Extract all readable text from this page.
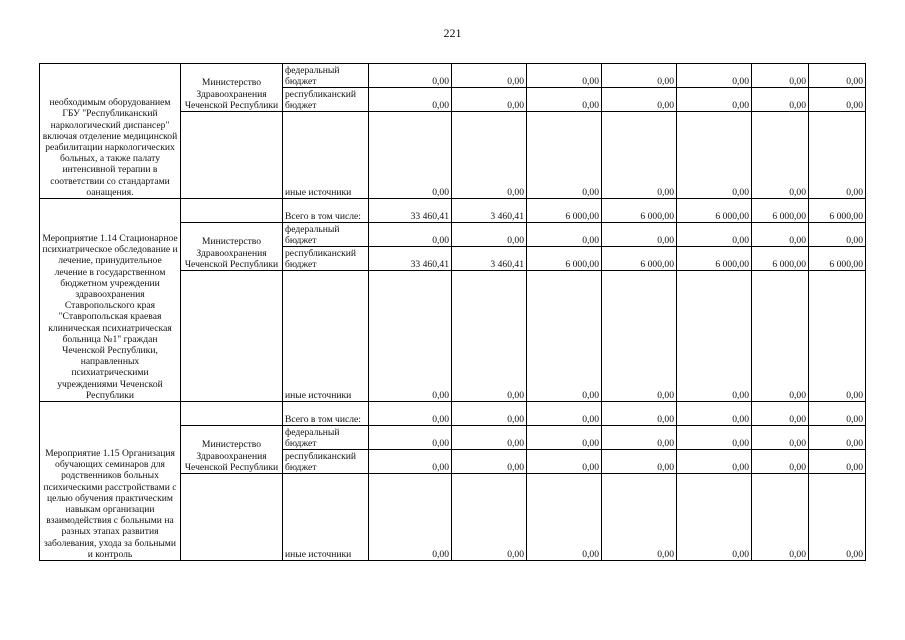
221
необходимым оборудованием ГБУ "Республиканский наркологический диспансер" включая отделение медицинской реабилитации наркологических больных, а также палату интенсивной терапии в соответствии со стандартами оанащения.	Министерство Здравоохранения Чеченской Республики	федеральный бюджет	0,00	0,00	0,00	0,00	0,00	0,00	0,00
		республиканский бюджет	0,00	0,00	0,00	0,00	0,00	0,00	0,00
		иные источники	0,00	0,00	0,00	0,00	0,00	0,00	0,00
Мероприятие 1.14 Стационарное психиатрическое обследование и лечение, принудительное лечение в государственном бюджетном учреждении здравоохранения Ставропольского края "Ставропольская краевая клиническая психиатрическая больница №1" граждан Чеченской Республики, направленных психиатрическими учреждениями Чеченской Республики		Всего в том числе:	33 460,41	3 460,41	6 000,00	6 000,00	6 000,00	6 000,00	6 000,00
	Министерство Здравоохранения Чеченской Республики	федеральный бюджет	0,00	0,00	0,00	0,00	0,00	0,00	0,00
		республиканский бюджет	33 460,41	3 460,41	6 000,00	6 000,00	6 000,00	6 000,00	6 000,00
		иные источники	0,00	0,00	0,00	0,00	0,00	0,00	0,00
Мероприятие 1.15 Организация обучающих семинаров для родственников больных психическими расстройствами с целью обучения практическим навыкам организации взаимодействия с больными на разных этапах развития заболевания, ухода за больными и контроль		Всего в том числе:	0,00	0,00	0,00	0,00	0,00	0,00	0,00
	Министерство Здравоохранения Чеченской Республики	федеральный бюджет	0,00	0,00	0,00	0,00	0,00	0,00	0,00
		республиканский бюджет	0,00	0,00	0,00	0,00	0,00	0,00	0,00
		иные источники	0,00	0,00	0,00	0,00	0,00	0,00	0,00
